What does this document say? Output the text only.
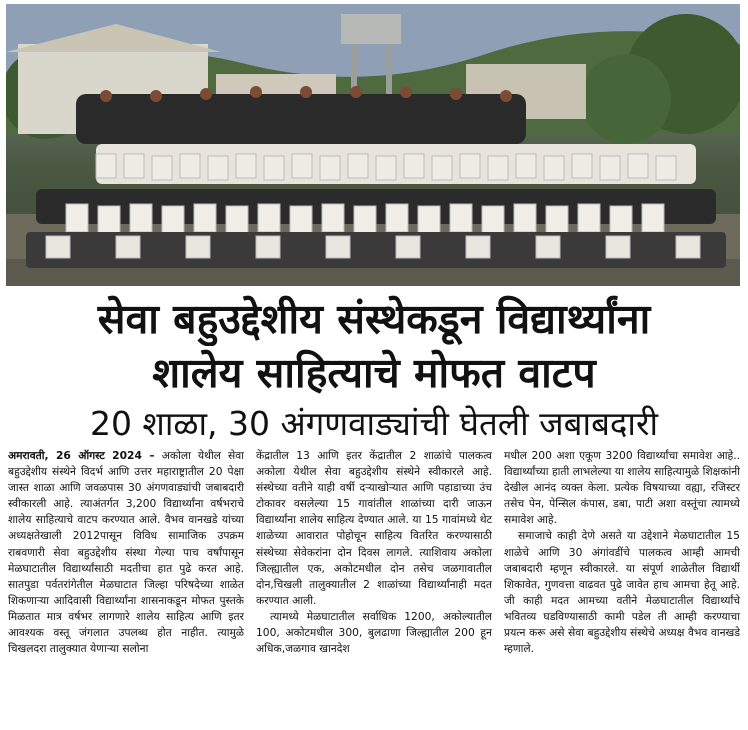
सेवा बहुउद्देशीय संस्थेकडून विद्यार्थ्यांना
शालेय साहित्याचे मोफत वाटप
20 शाळा, 30 अंगणवाड्यांची घेतली जबाबदारी

अमरावती, 26 ऑगस्ट 2024 – अकोला येथील सेवा बहुउद्देशीय संस्थेने विदर्भ आणि उत्तर महाराष्ट्रातील 20 पेक्षा जास्त शाळा आणि जवळपास 30 अंगणवाड्यांची जबाबदारी स्वीकारली आहे. त्याअंतर्गत 3,200 विद्यार्थ्यांना वर्षभराचे शालेय साहित्याचे वाटप करण्यात आले. वैभव वानखडे यांच्या अध्यक्षतेखाली 2012पासून विविध सामाजिक उपक्रम राबवणारी सेवा बहुउद्देशीय संस्था गेल्या पाच वर्षांपासून मेळघाटातील विद्यार्थ्यांसाठी मदतीचा हात पुढे करत आहे. सातपुडा पर्वतरांगेतील मेळघाटात जिल्हा परिषदेच्या शाळेत शिकणाऱ्या आदिवासी विद्यार्थ्यांना शासनाकडून मोफत पुस्तके मिळतात मात्र वर्षभर लागणारे शालेय साहित्य आणि इतर आवश्यक वस्तू जंगलात उपलब्ध होत नाहीत. त्यामुळे चिखलदरा तालुक्यात येणाऱ्या सलोना

केंद्रातील 13 आणि इतर केंद्रातील 2 शाळांचे पालकत्व अकोला येथील सेवा बहुउद्देशीय संस्थेने स्वीकारले आहे. संस्थेच्या वतीने याही वर्षी दऱ्याखोऱ्यात आणि पहाडाच्या उंच टोकावर वसलेल्या 15 गावांतील शाळांच्या दारी जाऊन विद्यार्थ्यांना शालेय साहित्य देण्यात आले. या 15 गावांमध्ये थेट शाळेच्या आवारात पोहोचून साहित्य वितरित करण्यासाठी संस्थेच्या सेवेकरांना दोन दिवस लागले. त्याशिवाय अकोला जिल्ह्यातील एक, अकोटमधील दोन तसेच जळगावातील दोन,चिखली तालुक्यातील 2 शाळांच्या विद्यार्थ्यांनाही मदत करण्यात आली.

त्यामध्ये मेळघाटातील सर्वाधिक 1200, अकोल्यातील 100, अकोटमधील 300, बुलढाणा जिल्ह्यातील 200 हून अधिक,जळगाव खानदेश

मधील 200 अशा एकूण 3200 विद्यार्थ्यांचा समावेश आहे.. विद्यार्थ्यांच्या हाती लाभलेल्या या शालेय साहित्यामुळे शिक्षकांनी देखील आनंद व्यक्त केला. प्रत्येक विषयाच्या वह्या, रजिस्टर तसेच पेन, पेन्सिल कंपास, डबा, पाटी अशा वस्तूंचा त्यामध्ये समावेश आहे.

समाजाचे काही देणे असते या उद्देशाने मेळघाटातील 15 शाळेचे आणि 30 अंगांवडींचे पालकत्व आम्ही आमची जबाबदारी म्हणून स्वीकारले. या संपूर्ण शाळेतील विद्यार्थी शिकावेत, गुणवत्ता वाढवत पुढे जावेत हाच आमचा हेतू आहे. जी काही मदत आमच्या वतीने मेळघाटातील विद्यार्थ्यांचे भवितव्य घडविण्यासाठी कामी पडेल ती आम्ही करण्याचा प्रयत्न करू असे सेवा बहुउद्देशीय संस्थेचे अध्यक्ष वैभव वानखडे म्हणाले.
